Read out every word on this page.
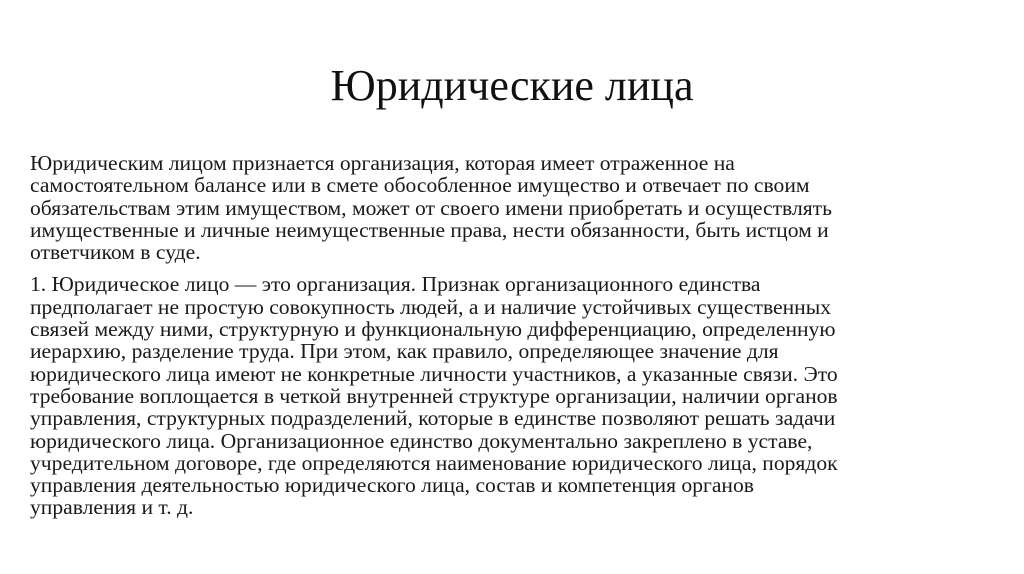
Юридические лица

Юридическим лицом признается организация, которая имеет отраженное на
самостоятельном балансе или в смете обособленное имущество и отвечает по своим
обязательствам этим имуществом, может от своего имени приобретать и осуществлять
имущественные и личные неимущественные права, нести обязанности, быть истцом и
ответчиком в суде.

1. Юридическое лицо — это организация. Признак организационного единства
предполагает не простую совокупность людей, а и наличие устойчивых существенных
связей между ними, структурную и функциональную дифференциацию, определенную
иерархию, разделение труда. При этом, как правило, определяющее значение для
юридического лица имеют не конкретные личности участников, а указанные связи. Это
требование воплощается в четкой внутренней структуре организации, наличии органов
управления, структурных подразделений, которые в единстве позволяют решать задачи
юридического лица. Организационное единство документально закреплено в уставе,
учредительном договоре, где определяются наименование юридического лица, порядок
управления деятельностью юридического лица, состав и компетенция органов
управления и т. д.
